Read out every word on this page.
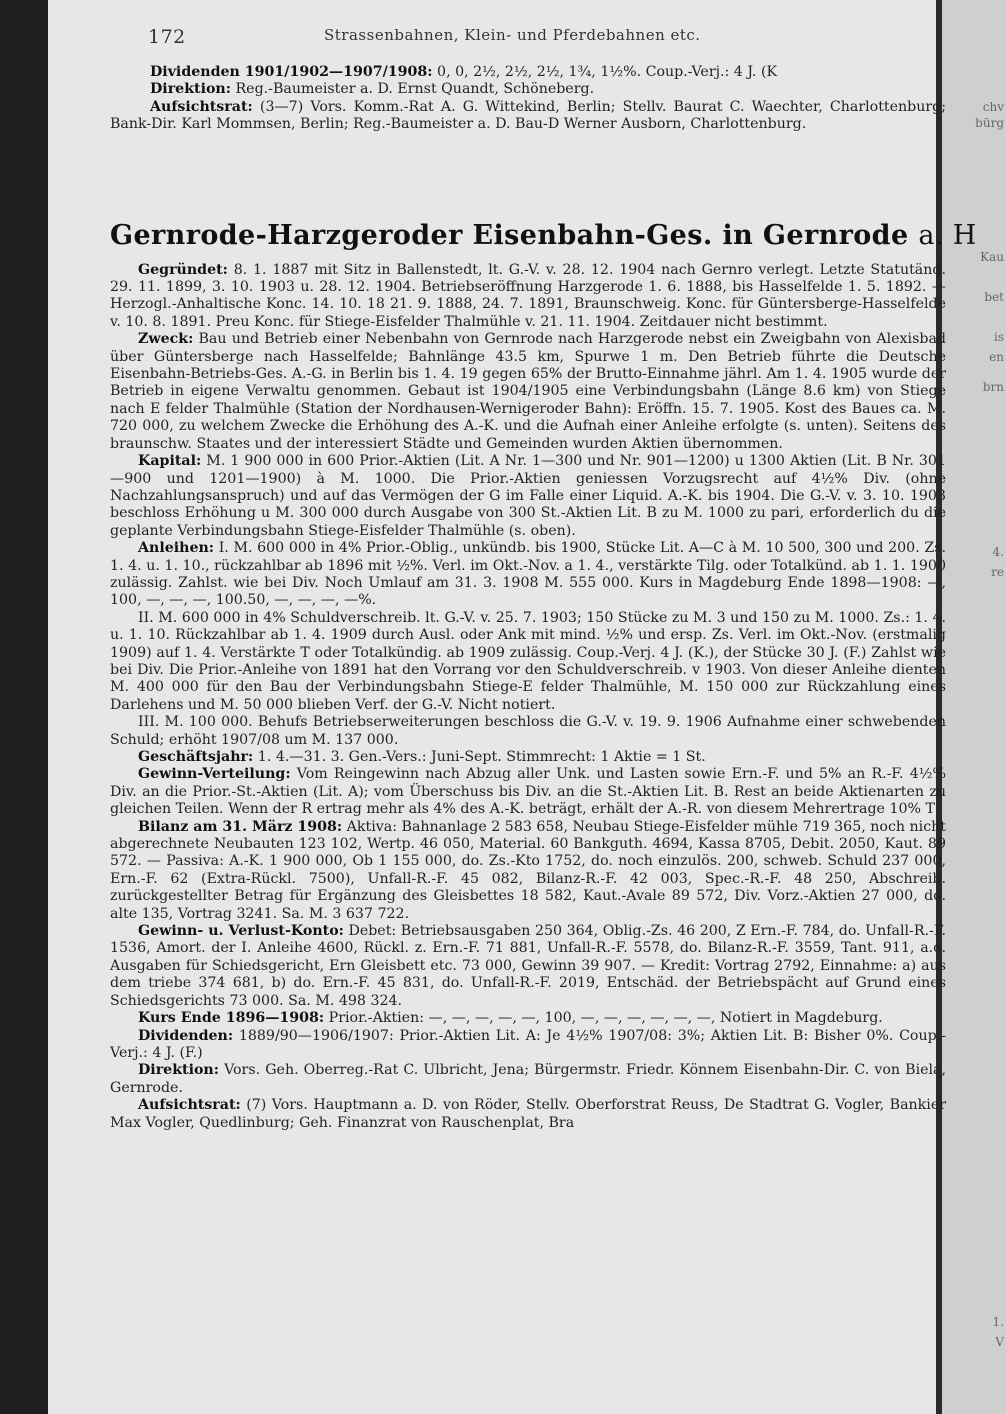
chv
bürg
Kau
bet
is
en
brn
4.
re
1.
V
172	Strassenbahnen, Klein- und Pferdebahnen etc.

Dividenden 1901/1902—1907/1908: 0, 0, 2½, 2½, 2½, 1¾, 1½%. Coup.-Verj.: 4 J. (K

Direktion: Reg.-Baumeister a. D. Ernst Quandt, Schöneberg.

Aufsichtsrat: (3—7) Vors. Komm.-Rat A. G. Wittekind, Berlin; Stellv. Baurat C. Waechter, Charlottenburg; Bank-Dir. Karl Mommsen, Berlin; Reg.-Baumeister a. D. Bau-D Werner Ausborn, Charlottenburg.

Gernrode-Harzgeroder Eisenbahn-Ges. in Gernrode a. H

Gegründet: 8. 1. 1887 mit Sitz in Ballenstedt, lt. G.-V. v. 28. 12. 1904 nach Gernro verlegt. Letzte Statutänd. 29. 11. 1899, 3. 10. 1903 u. 28. 12. 1904. Betriebseröffnung Harzgerode 1. 6. 1888, bis Hasselfelde 1. 5. 1892. — Herzogl.-Anhaltische Konc. 14. 10. 18 21. 9. 1888, 24. 7. 1891, Braunschweig. Konc. für Güntersberge-Hasselfelde v. 10. 8. 1891. Preu Konc. für Stiege-Eisfelder Thalmühle v. 21. 11. 1904. Zeitdauer nicht bestimmt.

Zweck: Bau und Betrieb einer Nebenbahn von Gernrode nach Harzgerode nebst ein Zweigbahn von Alexisbad über Güntersberge nach Hasselfelde; Bahnlänge 43.5 km, Spurwe 1 m. Den Betrieb führte die Deutsche Eisenbahn-Betriebs-Ges. A.-G. in Berlin bis 1. 4. 19 gegen 65% der Brutto-Einnahme jährl. Am 1. 4. 1905 wurde der Betrieb in eigene Verwaltu genommen. Gebaut ist 1904/1905 eine Verbindungsbahn (Länge 8.6 km) von Stiege nach E felder Thalmühle (Station der Nordhausen-Wernigeroder Bahn): Eröffn. 15. 7. 1905. Kost des Baues ca. M. 720 000, zu welchem Zwecke die Erhöhung des A.-K. und die Aufnah einer Anleihe erfolgte (s. unten). Seitens des braunschw. Staates und der interessiert Städte und Gemeinden wurden Aktien übernommen.

Kapital: M. 1 900 000 in 600 Prior.-Aktien (Lit. A Nr. 1—300 und Nr. 901—1200) u 1300 Aktien (Lit. B Nr. 301—900 und 1201—1900) à M. 1000. Die Prior.-Aktien geniessen Vorzugsrecht auf 4½% Div. (ohne Nachzahlungsanspruch) und auf das Vermögen der G im Falle einer Liquid. A.-K. bis 1904. Die G.-V. v. 3. 10. 1903 beschloss Erhöhung u M. 300 000 durch Ausgabe von 300 St.-Aktien Lit. B zu M. 1000 zu pari, erforderlich du die geplante Verbindungsbahn Stiege-Eisfelder Thalmühle (s. oben).

Anleihen: I. M. 600 000 in 4% Prior.-Oblig., unkündb. bis 1900, Stücke Lit. A—C à M. 10 500, 300 und 200. Zs. 1. 4. u. 1. 10., rückzahlbar ab 1896 mit ½%. Verl. im Okt.-Nov. a 1. 4., verstärkte Tilg. oder Totalkünd. ab 1. 1. 1900 zulässig. Zahlst. wie bei Div. Noch Umlauf am 31. 3. 1908 M. 555 000. Kurs in Magdeburg Ende 1898—1908: —, 100, —, —, —, 100.50, —, —, —, —%.

II. M. 600 000 in 4% Schuldverschreib. lt. G.-V. v. 25. 7. 1903; 150 Stücke zu M. 3 und 150 zu M. 1000. Zs.: 1. 4. u. 1. 10. Rückzahlbar ab 1. 4. 1909 durch Ausl. oder Ank mit mind. ½% und ersp. Zs. Verl. im Okt.-Nov. (erstmalig 1909) auf 1. 4. Verstärkte T oder Totalkündig. ab 1909 zulässig. Coup.-Verj. 4 J. (K.), der Stücke 30 J. (F.) Zahlst wie bei Div. Die Prior.-Anleihe von 1891 hat den Vorrang vor den Schuldverschreib. v 1903. Von dieser Anleihe dienten M. 400 000 für den Bau der Verbindungsbahn Stiege-E felder Thalmühle, M. 150 000 zur Rückzahlung eines Darlehens und M. 50 000 blieben Verf. der G.-V. Nicht notiert.

III. M. 100 000. Behufs Betriebserweiterungen beschloss die G.-V. v. 19. 9. 1906 Aufnahme einer schwebenden Schuld; erhöht 1907/08 um M. 137 000.

Geschäftsjahr: 1. 4.—31. 3. Gen.-Vers.: Juni-Sept. Stimmrecht: 1 Aktie = 1 St.

Gewinn-Verteilung: Vom Reingewinn nach Abzug aller Unk. und Lasten sowie Ern.-F. und 5% an R.-F. 4½% Div. an die Prior.-St.-Aktien (Lit. A); vom Überschuss bis Div. an die St.-Aktien Lit. B. Rest an beide Aktienarten zu gleichen Teilen. Wenn der R ertrag mehr als 4% des A.-K. beträgt, erhält der A.-R. von diesem Mehrertrage 10% T

Bilanz am 31. März 1908: Aktiva: Bahnanlage 2 583 658, Neubau Stiege-Eisfelder mühle 719 365, noch nicht abgerechnete Neubauten 123 102, Wertp. 46 050, Material. 60 Bankguth. 4694, Kassa 8705, Debit. 2050, Kaut. 89 572. — Passiva: A.-K. 1 900 000, Ob 1 155 000, do. Zs.-Kto 1752, do. noch einzulös. 200, schweb. Schuld 237 000, Ern.-F. 62 (Extra-Rückl. 7500), Unfall-R.-F. 45 082, Bilanz-R.-F. 42 003, Spec.-R.-F. 48 250, Abschreib. zurückgestellter Betrag für Ergänzung des Gleisbettes 18 582, Kaut.-Avale 89 572, Div. Vorz.-Aktien 27 000, do. alte 135, Vortrag 3241. Sa. M. 3 637 722.

Gewinn- u. Verlust-Konto: Debet: Betriebsausgaben 250 364, Oblig.-Zs. 46 200, Z Ern.-F. 784, do. Unfall-R.-F. 1536, Amort. der I. Anleihe 4600, Rückl. z. Ern.-F. 71 881, Unfall-R.-F. 5578, do. Bilanz-R.-F. 3559, Tant. 911, a.o. Ausgaben für Schiedsgericht, Ern Gleisbett etc. 73 000, Gewinn 39 907. — Kredit: Vortrag 2792, Einnahme: a) aus dem triebe 374 681, b) do. Ern.-F. 45 831, do. Unfall-R.-F. 2019, Entschäd. der Betriebspächt auf Grund eines Schiedsgerichts 73 000. Sa. M. 498 324.

Kurs Ende 1896—1908: Prior.-Aktien: —, —, —, —, —, 100, —, —, —, —, —, —, Notiert in Magdeburg.

Dividenden: 1889/90—1906/1907: Prior.-Aktien Lit. A: Je 4½% 1907/08: 3%; Aktien Lit. B: Bisher 0%. Coup.-Verj.: 4 J. (F.)

Direktion: Vors. Geh. Oberreg.-Rat C. Ulbricht, Jena; Bürgermstr. Friedr. Könnem Eisenbahn-Dir. C. von Biela, Gernrode.

Aufsichtsrat: (7) Vors. Hauptmann a. D. von Röder, Stellv. Oberforstrat Reuss, De Stadtrat G. Vogler, Bankier Max Vogler, Quedlinburg; Geh. Finanzrat von Rauschenplat, Bra
